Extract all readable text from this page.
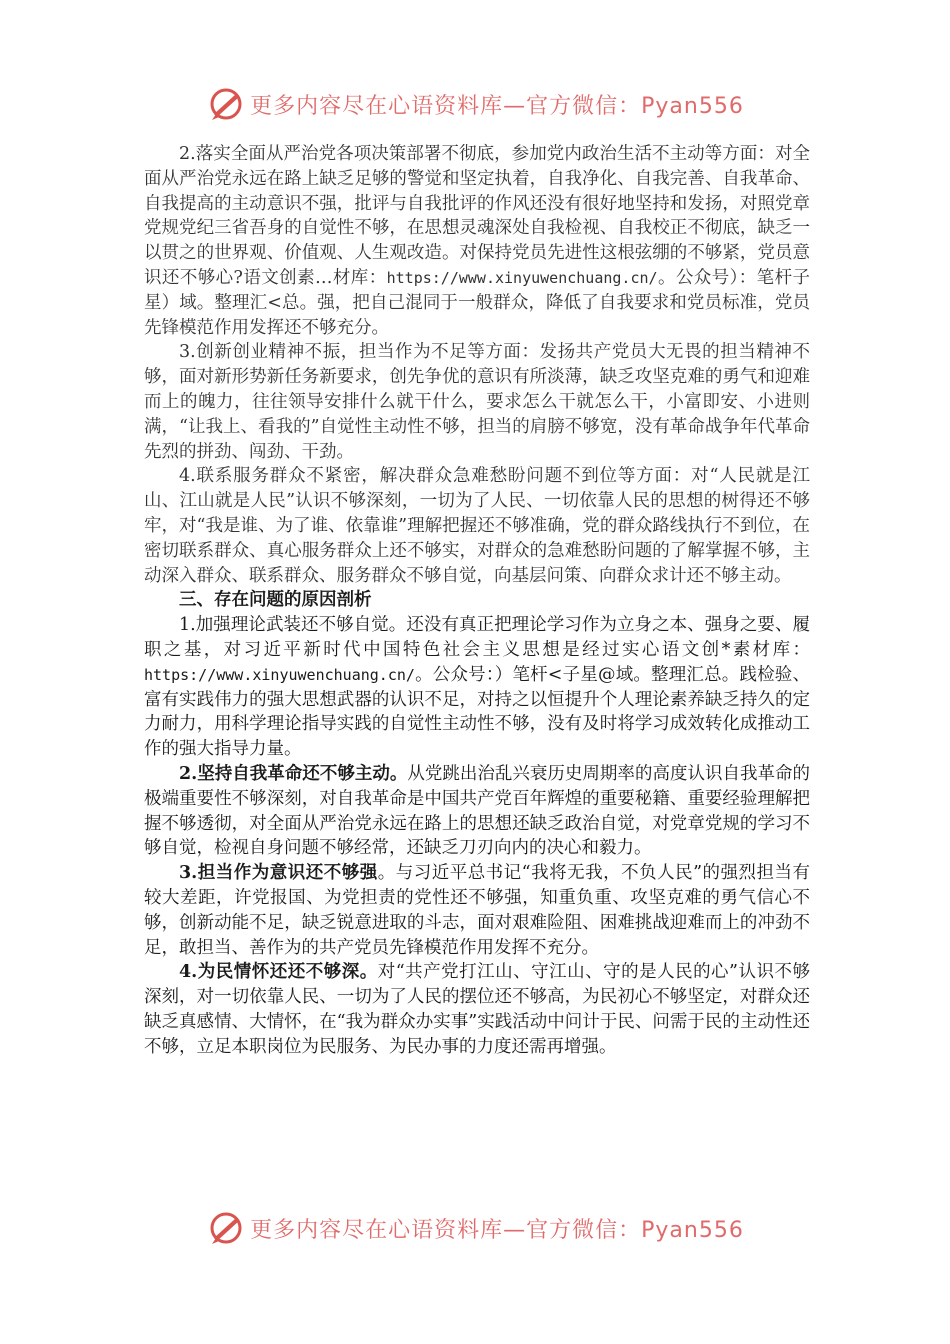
更多内容尽在心语资料库—官方微信：Pyan556

2.落实全面从严治党各项决策部署不彻底，参加党内政治生活不主动等方面：对全面从严治党永远在路上缺乏足够的警觉和坚定执着，自我净化、自我完善、自我革命、自我提高的主动意识不强，批评与自我批评的作风还没有很好地坚持和发扬，对照党章党规党纪三省吾身的自觉性不够，在思想灵魂深处自我检视、自我校正不彻底，缺乏一以贯之的世界观、价值观、人生观改造。对保持党员先进性这根弦绷的不够紧，党员意识还不够心?语文创素…材库：https://www.xinyuwenchuang.cn/。公众号）：笔杆子星）域。整理汇<总。强，把自己混同于一般群众，降低了自我要求和党员标准，党员先锋模范作用发挥还不够充分。

3.创新创业精神不振，担当作为不足等方面：发扬共产党员大无畏的担当精神不够，面对新形势新任务新要求，创先争优的意识有所淡薄，缺乏攻坚克难的勇气和迎难而上的魄力，往往领导安排什么就干什么，要求怎么干就怎么干，小富即安、小进则满，“让我上、看我的”自觉性主动性不够，担当的肩膀不够宽，没有革命战争年代革命先烈的拼劲、闯劲、干劲。

4.联系服务群众不紧密，解决群众急难愁盼问题不到位等方面：对“人民就是江山、江山就是人民”认识不够深刻，一切为了人民、一切依靠人民的思想的树得还不够牢，对“我是谁、为了谁、依靠谁”理解把握还不够准确，党的群众路线执行不到位，在密切联系群众、真心服务群众上还不够实，对群众的急难愁盼问题的了解掌握不够，主动深入群众、联系群众、服务群众不够自觉，向基层问策、向群众求计还不够主动。

三、存在问题的原因剖析

1.加强理论武装还不够自觉。还没有真正把理论学习作为立身之本、强身之要、履职之基，对习近平新时代中国特色社会主义思想是经过实心语文创*素材库：https://www.xinyuwenchuang.cn/。公众号：）笔杆<子星@域。整理汇总。践检验、富有实践伟力的强大思想武器的认识不足，对持之以恒提升个人理论素养缺乏持久的定力耐力，用科学理论指导实践的自觉性主动性不够，没有及时将学习成效转化成推动工作的强大指导力量。

2.坚持自我革命还不够主动。从党跳出治乱兴衰历史周期率的高度认识自我革命的极端重要性不够深刻，对自我革命是中国共产党百年辉煌的重要秘籍、重要经验理解把握不够透彻，对全面从严治党永远在路上的思想还缺乏政治自觉，对党章党规的学习不够自觉，检视自身问题不够经常，还缺乏刀刃向内的决心和毅力。

3.担当作为意识还不够强。与习近平总书记“我将无我，不负人民”的强烈担当有较大差距，许党报国、为党担责的党性还不够强，知重负重、攻坚克难的勇气信心不够，创新动能不足，缺乏锐意进取的斗志，面对艰难险阻、困难挑战迎难而上的冲劲不足，敢担当、善作为的共产党员先锋模范作用发挥不充分。

4.为民情怀还还不够深。对“共产党打江山、守江山、守的是人民的心”认识不够深刻，对一切依靠人民、一切为了人民的摆位还不够高，为民初心不够坚定，对群众还缺乏真感情、大情怀，在“我为群众办实事”实践活动中问计于民、问需于民的主动性还不够，立足本职岗位为民服务、为民办事的力度还需再增强。

更多内容尽在心语资料库—官方微信：Pyan556
